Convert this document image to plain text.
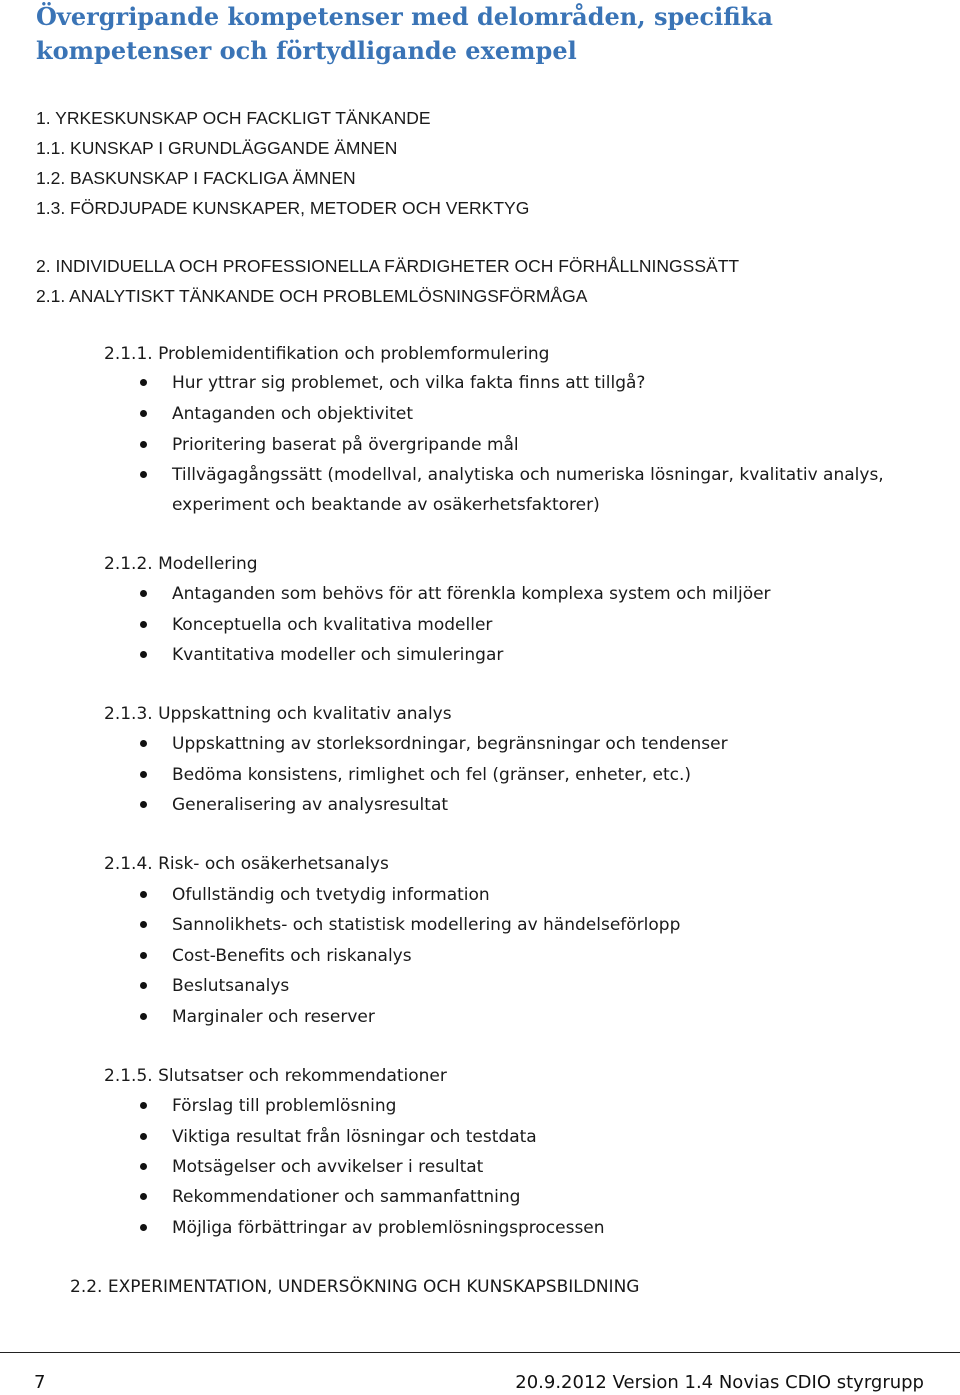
Övergripande kompetenser med delområden, specifika kompetenser och förtydligande exempel
1. YRKESKUNSKAP OCH FACKLIGT TÄNKANDE
1.1. KUNSKAP I GRUNDLÄGGANDE ÄMNEN
1.2. BASKUNSKAP I FACKLIGA ÄMNEN
1.3. FÖRDJUPADE KUNSKAPER, METODER OCH VERKTYG
2. INDIVIDUELLA OCH PROFESSIONELLA FÄRDIGHETER OCH FÖRHÅLLNINGSSÄTT
2.1. ANALYTISKT TÄNKANDE OCH PROBLEMLÖSNINGSFÖRMÅGA
2.1.1. Problemidentifikation och problemformulering
Hur yttrar sig problemet, och vilka fakta finns att tillgå?
Antaganden och objektivitet
Prioritering baserat på övergripande mål
Tillvägagångssätt (modellval, analytiska och numeriska lösningar, kvalitativ analys, experiment och beaktande av osäkerhetsfaktorer)
2.1.2. Modellering
Antaganden som behövs för att förenkla komplexa system och miljöer
Konceptuella och kvalitativa modeller
Kvantitativa modeller och simuleringar
2.1.3. Uppskattning och kvalitativ analys
Uppskattning av storleksordningar, begränsningar och tendenser
Bedöma konsistens, rimlighet och fel (gränser, enheter, etc.)
Generalisering av analysresultat
2.1.4. Risk- och osäkerhetsanalys
Ofullständig och tvetydig information
Sannolikhets- och statistisk modellering av händelseförlopp
Cost-Benefits och riskanalys
Beslutsanalys
Marginaler och reserver
2.1.5. Slutsatser och rekommendationer
Förslag till problemlösning
Viktiga resultat från lösningar och testdata
Motsägelser och avvikelser i resultat
Rekommendationer och sammanfattning
Möjliga förbättringar av problemlösningsprocessen
2.2. EXPERIMENTATION, UNDERSÖKNING OCH KUNSKAPSBILDNING
7	20.9.2012 Version 1.4 Novias CDIO styrgrupp
